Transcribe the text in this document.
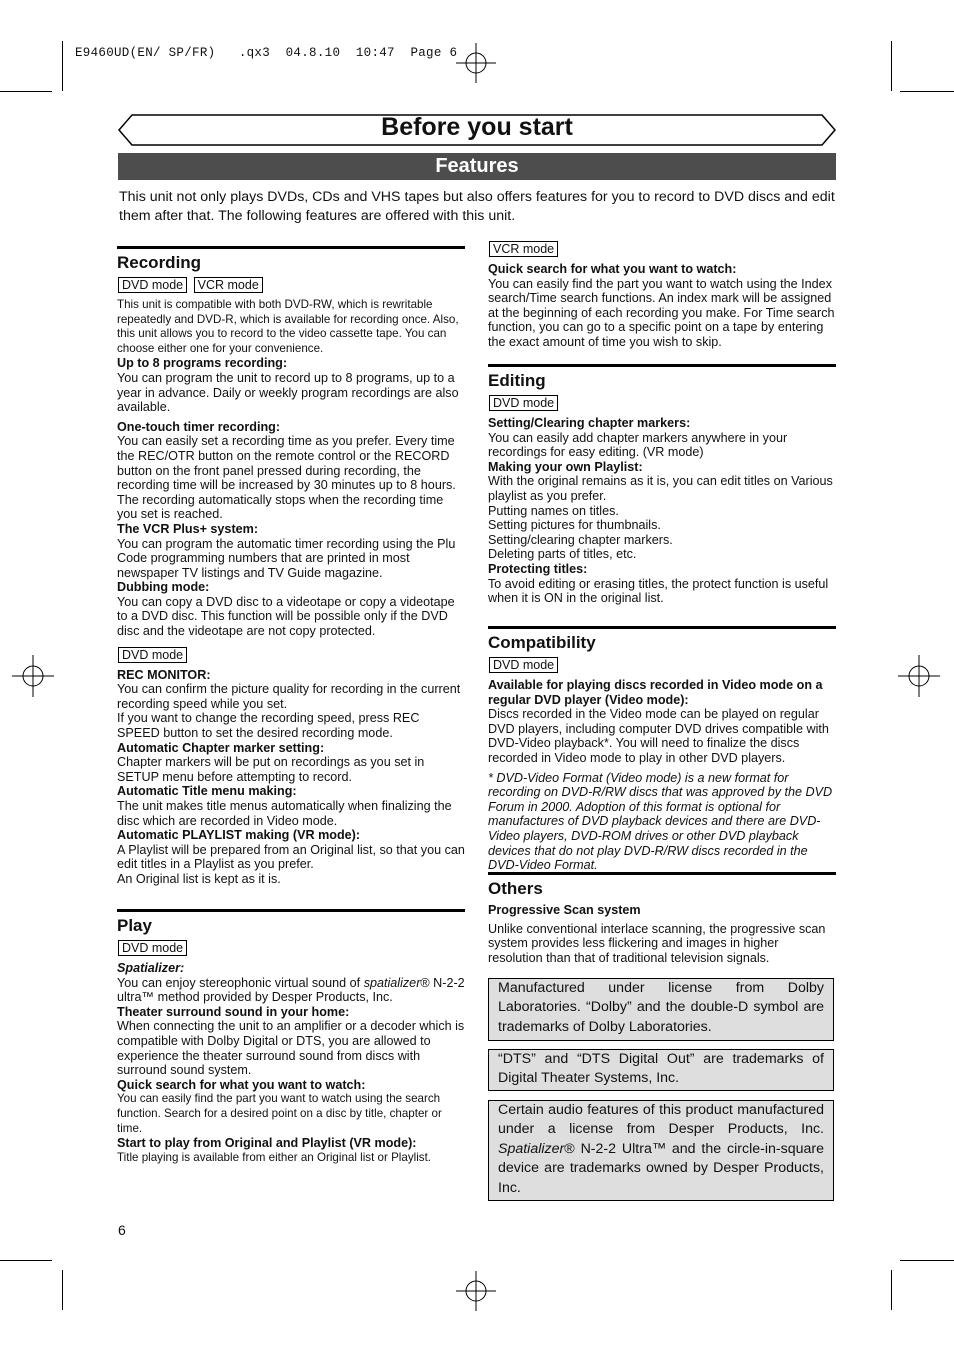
E9460UD(EN/ SP/FR)   .qx3  04.8.10  10:47  Page 6
Before you start
Features
This unit not only plays DVDs, CDs and VHS tapes but also offers features for you to record to DVD discs and edit them after that. The following features are offered with this unit.
Recording
DVD mode VCR mode

This unit is compatible with both DVD-RW, which is rewritable repeatedly and DVD-R, which is available for recording once. Also, this unit allows you to record to the video cassette tape. You can choose either one for your convenience.

Up to 8 programs recording:

You can program the unit to record up to 8 programs, up to a year in advance. Daily or weekly program recordings are also available.

One-touch timer recording:

You can easily set a recording time as you prefer. Every time the REC/OTR button on the remote control or the RECORD button on the front panel pressed during recording, the recording time will be increased by 30 minutes up to 8 hours. The recording automatically stops when the recording time you set is reached.

The VCR Plus+ system:

You can program the automatic timer recording using the Plu Code programming numbers that are printed in most newspaper TV listings and TV Guide magazine.

Dubbing mode:

You can copy a DVD disc to a videotape or copy a videotape to a DVD disc. This function will be possible only if the DVD disc and the videotape are not copy protected.

DVD mode

REC MONITOR:

You can confirm the picture quality for recording in the current recording speed while you set.

If you want to change the recording speed, press REC SPEED button to set the desired recording mode.

Automatic Chapter marker setting:

Chapter markers will be put on recordings as you set in SETUP menu before attempting to record.

Automatic Title menu making:

The unit makes title menus automatically when finalizing the disc which are recorded in Video mode.

Automatic PLAYLIST making (VR mode):

A Playlist will be prepared from an Original list, so that you can edit titles in a Playlist as you prefer.

An Original list is kept as it is.

Play
DVD mode

Spatializer:

You can enjoy stereophonic virtual sound of spatializer® N-2-2 ultra™ method provided by Desper Products, Inc.

Theater surround sound in your home:

When connecting the unit to an amplifier or a decoder which is compatible with Dolby Digital or DTS, you are allowed to experience the theater surround sound from discs with surround sound system.

Quick search for what you want to watch:

You can easily find the part you want to watch using the search function. Search for a desired point on a disc by title, chapter or time.

Start to play from Original and Playlist (VR mode):

Title playing is available from either an Original list or Playlist.

VCR mode

Quick search for what you want to watch:

You can easily find the part you want to watch using the Index search/Time search functions. An index mark will be assigned at the beginning of each recording you make. For Time search function, you can go to a specific point on a tape by entering the exact amount of time you wish to skip.

Editing
DVD mode

Setting/Clearing chapter markers:

You can easily add chapter markers anywhere in your recordings for easy editing. (VR mode)

Making your own Playlist:

With the original remains as it is, you can edit titles on Various playlist as you prefer.

Putting names on titles.

Setting pictures for thumbnails.

Setting/clearing chapter markers.

Deleting parts of titles, etc.

Protecting titles:

To avoid editing or erasing titles, the protect function is useful when it is ON in the original list.

Compatibility
DVD mode

Available for playing discs recorded in Video mode on a regular DVD player (Video mode):

Discs recorded in the Video mode can be played on regular DVD players, including computer DVD drives compatible with DVD-Video playback*. You will need to finalize the discs recorded in Video mode to play in other DVD players.

* DVD-Video Format (Video mode) is a new format for recording on DVD-R/RW discs that was approved by the DVD Forum in 2000. Adoption of this format is optional for manufactures of DVD playback devices and there are DVD-Video players, DVD-ROM drives or other DVD playback devices that do not play DVD-R/RW discs recorded in the DVD-Video Format.

Others

Progressive Scan system

Unlike conventional interlace scanning, the progressive scan system provides less flickering and images in higher resolution than that of traditional television signals.

Manufactured under license from Dolby Laboratories. “Dolby” and the double-D symbol are trademarks of Dolby Laboratories.
“DTS” and “DTS Digital Out” are trademarks of Digital Theater Systems, Inc.
Certain audio features of this product manufactured under a license from Desper Products, Inc. Spatializer® N-2-2 Ultra™ and the circle-in-square device are trademarks owned by Desper Products, Inc.
6
